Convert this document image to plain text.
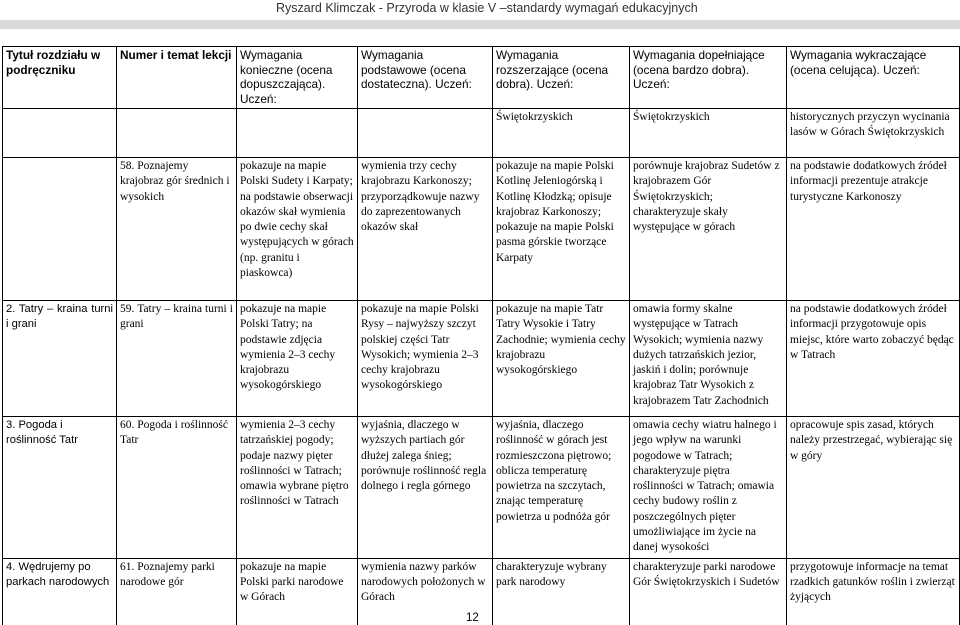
Ryszard Klimczak - Przyroda w klasie V –standardy wymagań edukacyjnych
Tytuł rozdziału w podręczniku	Numer i temat lekcji	Wymagania konieczne (ocena dopuszczająca). Uczeń:	Wymagania podstawowe (ocena dostateczna). Uczeń:	Wymagania rozszerzające (ocena dobra). Uczeń:	Wymagania dopełniające (ocena bardzo dobra). Uczeń:	Wymagania wykraczające (ocena celująca). Uczeń:
				Świętokrzyskich	Świętokrzyskich	historycznych przyczyn wycinania lasów w Górach Świętokrzyskich
	58. Poznajemy krajobraz gór średnich i wysokich	pokazuje na mapie Polski Sudety i Karpaty; na podstawie obserwacji okazów skał wymienia po dwie cechy skał występujących w górach (np. granitu i piaskowca)	wymienia trzy cechy krajobrazu Karkonoszy; przyporządkowuje nazwy do zaprezentowanych okazów skał	pokazuje na mapie Polski Kotlinę Jeleniogórską i Kotlinę Kłodzką; opisuje krajobraz Karkonoszy; pokazuje na mapie Polski pasma górskie tworzące Karpaty	porównuje krajobraz Sudetów z krajobrazem Gór Świętokrzyskich; charakteryzuje skały występujące w górach	na podstawie dodatkowych źródeł informacji prezentuje atrakcje turystyczne Karkonoszy
2. Tatry – kraina turni i grani	59. Tatry – kraina turni i grani	pokazuje na mapie Polski Tatry; na podstawie zdjęcia wymienia 2–3 cechy krajobrazu wysokogórskiego	pokazuje na mapie Polski Rysy – najwyższy szczyt polskiej części Tatr Wysokich; wymienia 2–3 cechy krajobrazu wysokogórskiego	pokazuje na mapie Tatr Tatry Wysokie i Tatry Zachodnie; wymienia cechy krajobrazu wysokogórskiego	omawia formy skalne występujące w Tatrach Wysokich; wymienia nazwy dużych tatrzańskich jezior, jaskiń i dolin; porównuje krajobraz Tatr Wysokich z krajobrazem Tatr Zachodnich	na podstawie dodatkowych źródeł informacji przygotowuje opis miejsc, które warto zobaczyć będąc w Tatrach
3. Pogoda i roślinność Tatr	60. Pogoda i roślinność Tatr	wymienia 2–3 cechy tatrzańskiej pogody; podaje nazwy pięter roślinności w Tatrach; omawia wybrane piętro roślinności w Tatrach	wyjaśnia, dlaczego w wyższych partiach gór dłużej zalega śnieg; porównuje roślinność regla dolnego i regla górnego	wyjaśnia, dlaczego roślinność w górach jest rozmieszczona piętrowo; oblicza temperaturę powietrza na szczytach, znając temperaturę powietrza u podnóża gór	omawia cechy wiatru halnego i jego wpływ na warunki pogodowe w Tatrach; charakteryzuje piętra roślinności w Tatrach; omawia cechy budowy roślin z poszczególnych pięter umożliwiające im życie na danej wysokości	opracowuje spis zasad, których należy przestrzegać, wybierając się w góry
4. Wędrujemy po parkach narodowych	61. Poznajemy parki narodowe gór	pokazuje na mapie Polski parki narodowe w Górach	wymienia nazwy parków narodowych położonych w Górach	charakteryzuje wybrany park narodowy	charakteryzuje parki narodowe Gór Świętokrzyskich i Sudetów	przygotowuje informacje na temat rzadkich gatunków roślin i zwierząt żyjących
12
